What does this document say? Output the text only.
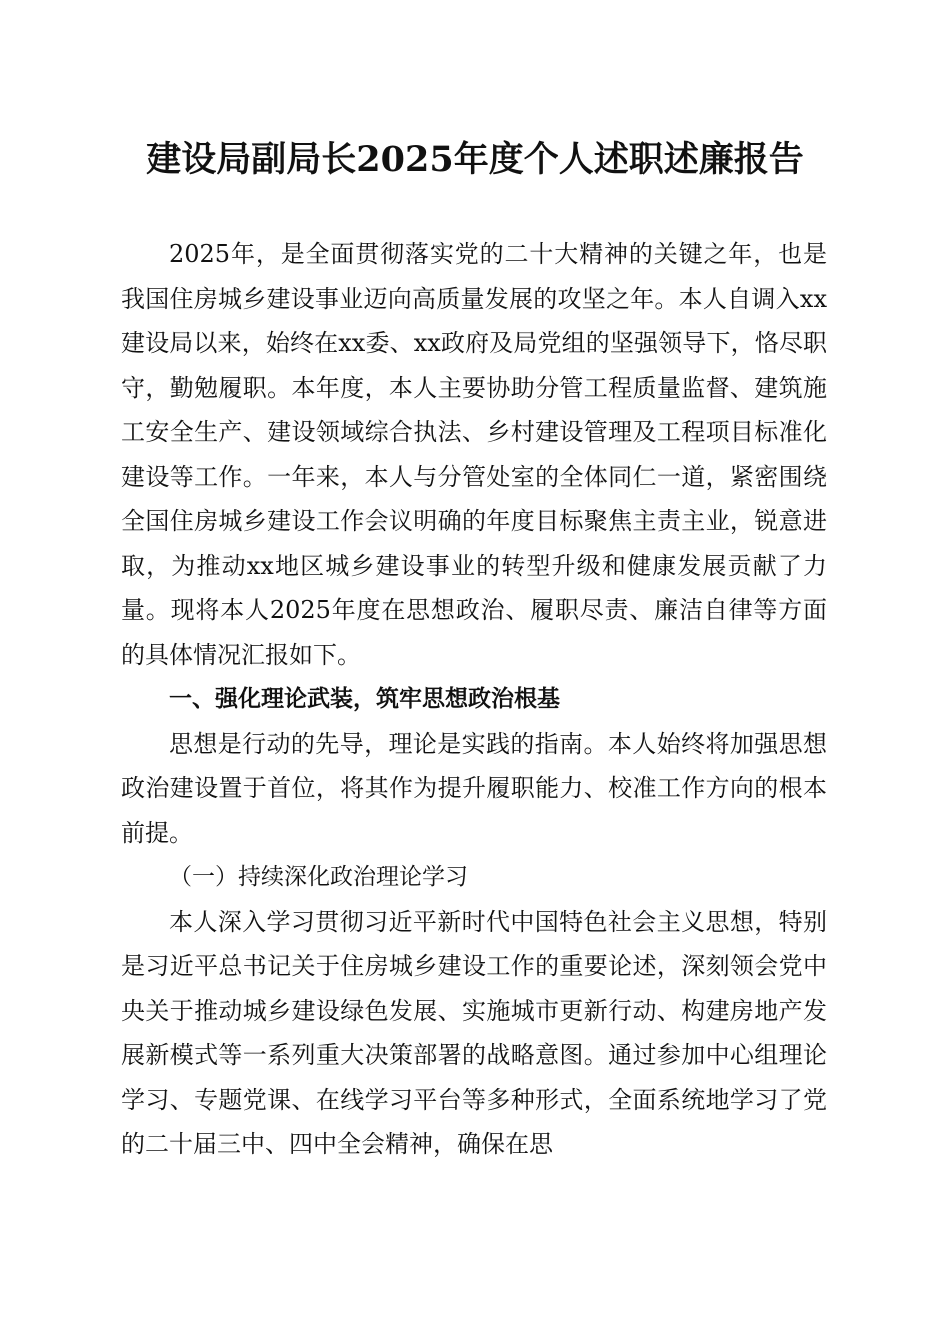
建设局副局长2025年度个人述职述廉报告

2025年，是全面贯彻落实党的二十大精神的关键之年，也是我国住房城乡建设事业迈向高质量发展的攻坚之年。本人自调入xx建设局以来，始终在xx委、xx政府及局党组的坚强领导下，恪尽职守，勤勉履职。本年度，本人主要协助分管工程质量监督、建筑施工安全生产、建设领域综合执法、乡村建设管理及工程项目标准化建设等工作。一年来，本人与分管处室的全体同仁一道，紧密围绕全国住房城乡建设工作会议明确的年度目标聚焦主责主业，锐意进取，为推动xx地区城乡建设事业的转型升级和健康发展贡献了力量。现将本人2025年度在思想政治、履职尽责、廉洁自律等方面的具体情况汇报如下。

一、强化理论武装，筑牢思想政治根基

思想是行动的先导，理论是实践的指南。本人始终将加强思想政治建设置于首位，将其作为提升履职能力、校准工作方向的根本前提。

（一）持续深化政治理论学习

本人深入学习贯彻习近平新时代中国特色社会主义思想，特别是习近平总书记关于住房城乡建设工作的重要论述，深刻领会党中央关于推动城乡建设绿色发展、实施城市更新行动、构建房地产发展新模式等一系列重大决策部署的战略意图。通过参加中心组理论学习、专题党课、在线学习平台等多种形式，全面系统地学习了党的二十届三中、四中全会精神，确保在思
